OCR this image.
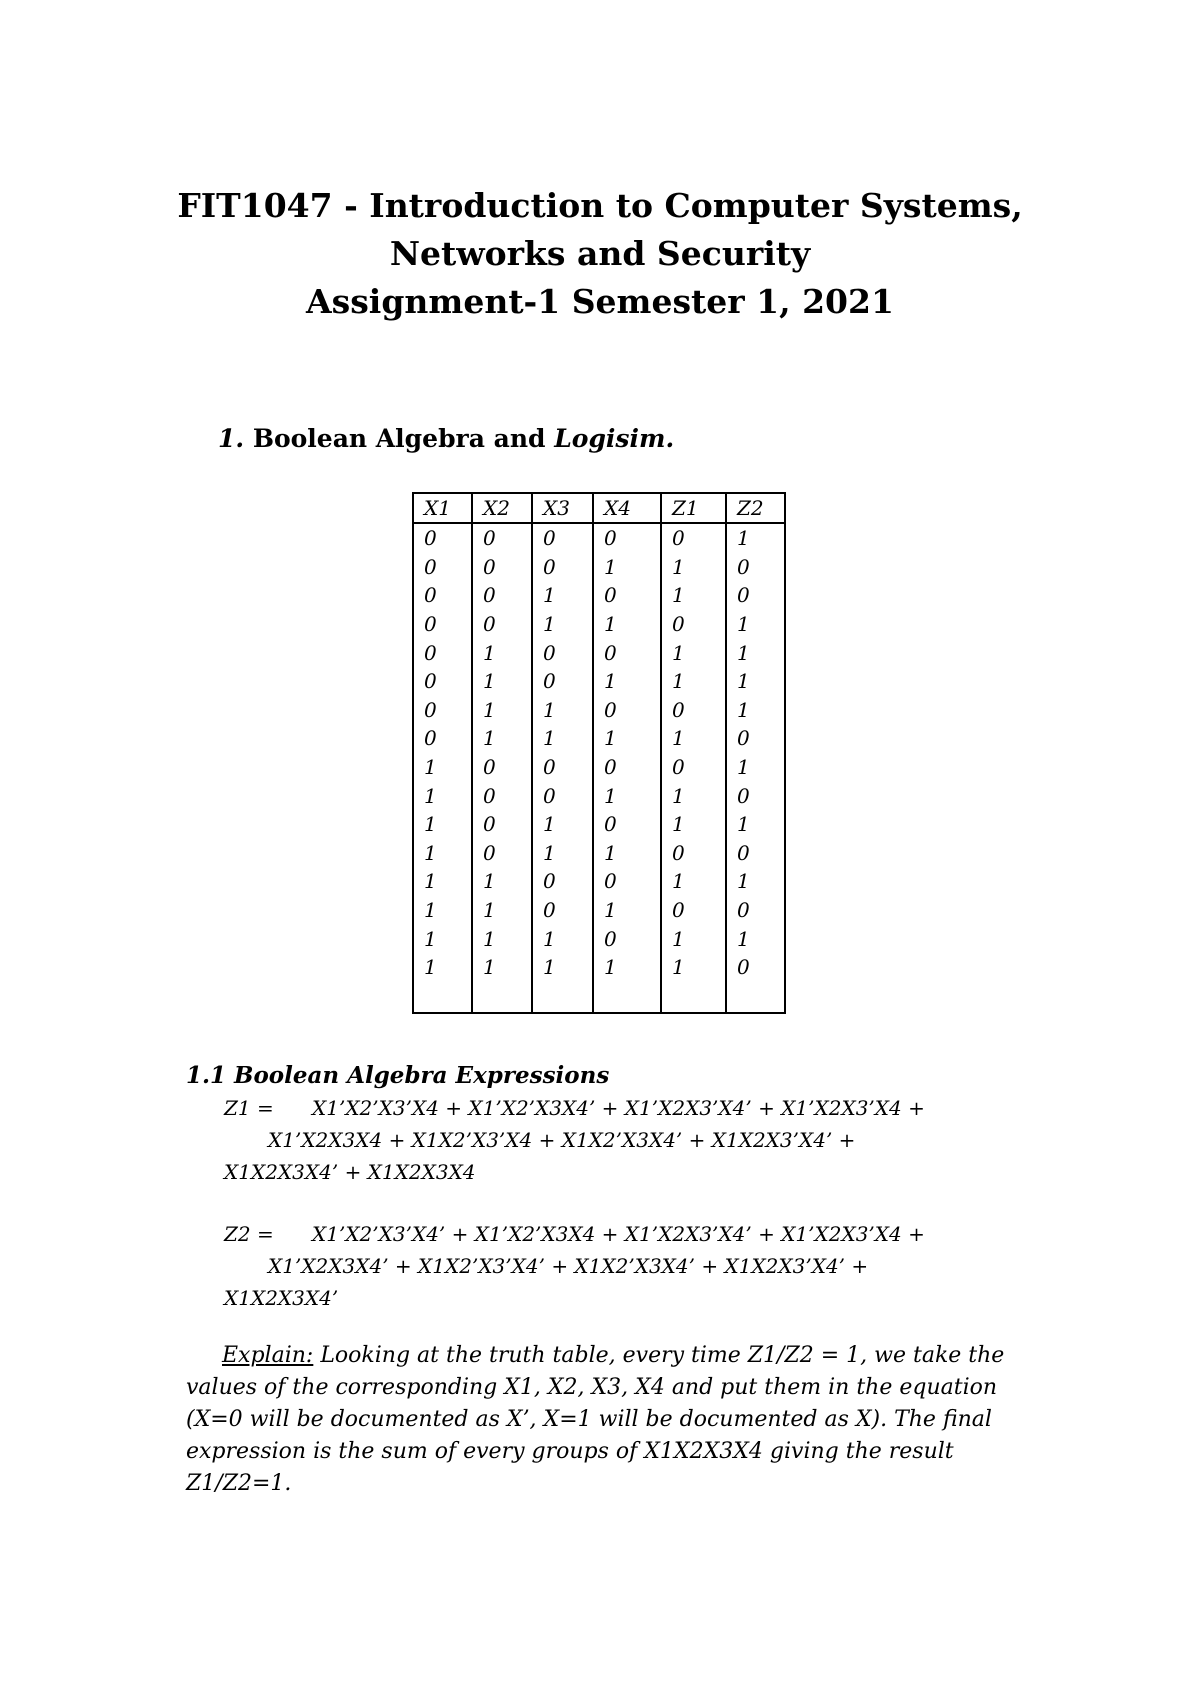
FIT1047 - Introduction to Computer Systems,
Networks and Security
Assignment-1 Semester 1, 2021
1. Boolean Algebra and Logisim.
X1	X2	X3	X4	Z1	Z2
0	0	0	0	0	1
0	0	0	1	1	0
0	0	1	0	1	0
0	0	1	1	0	1
0	1	0	0	1	1
0	1	0	1	1	1
0	1	1	0	0	1
0	1	1	1	1	0
1	0	0	0	0	1
1	0	0	1	1	0
1	0	1	0	1	1
1	0	1	1	0	0
1	1	0	0	1	1
1	1	0	1	0	0
1	1	1	0	1	1
1	1	1	1	1	0

1.1 Boolean Algebra Expressions
Z1 = X1’X2’X3’X4 + X1’X2’X3X4’ + X1’X2X3’X4’ + X1’X2X3’X4 +
X1’X2X3X4 + X1X2’X3’X4 + X1X2’X3X4’ + X1X2X3’X4’ +
X1X2X3X4’ + X1X2X3X4
Z2 = X1’X2’X3’X4’ + X1’X2’X3X4 + X1’X2X3’X4’ + X1’X2X3’X4 +
X1’X2X3X4’ + X1X2’X3’X4’ + X1X2’X3X4’ + X1X2X3’X4’ +
X1X2X3X4’
Explain: Looking at the truth table, every time Z1/Z2 = 1, we take the values of the corresponding X1, X2, X3, X4 and put them in the equation (X=0 will be documented as X’, X=1 will be documented as X). The final expression is the sum of every groups of X1X2X3X4 giving the result Z1/Z2=1.
